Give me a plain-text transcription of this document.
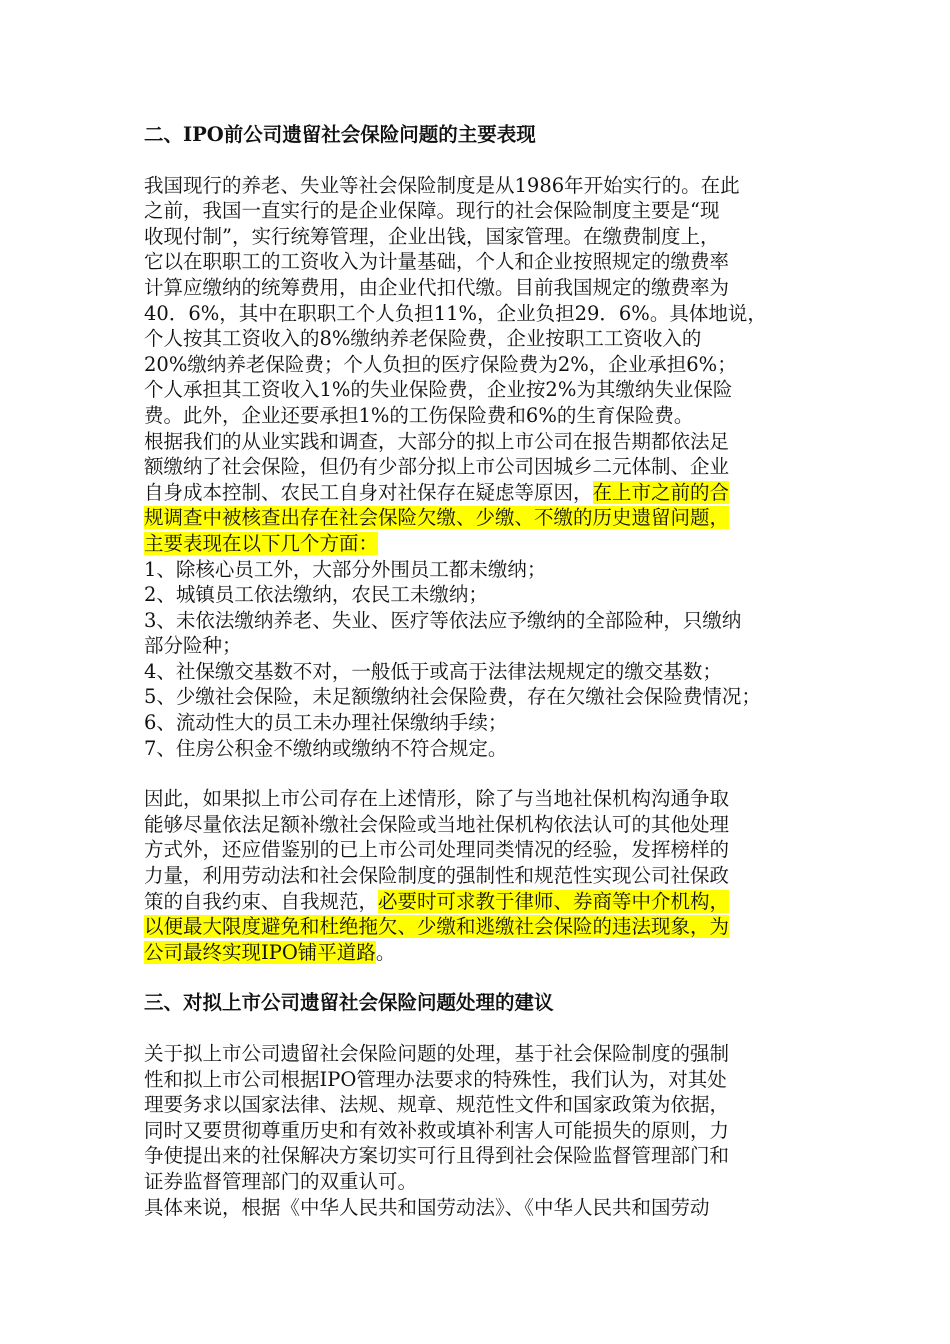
二、IPO前公司遗留社会保险问题的主要表现

我国现行的养老、失业等社会保险制度是从1986年开始实行的。在此

之前，我国一直实行的是企业保障。现行的社会保险制度主要是“现

收现付制”，实行统筹管理，企业出钱，国家管理。在缴费制度上，

它以在职职工的工资收入为计量基础，个人和企业按照规定的缴费率

计算应缴纳的统筹费用，由企业代扣代缴。目前我国规定的缴费率为

40．6%，其中在职职工个人负担11%，企业负担29．6%。具体地说，

个人按其工资收入的8%缴纳养老保险费，企业按职工工资收入的

20%缴纳养老保险费；个人负担的医疗保险费为2%，企业承担6%；

个人承担其工资收入1%的失业保险费，企业按2%为其缴纳失业保险

费。此外，企业还要承担1%的工伤保险费和6%的生育保险费。

根据我们的从业实践和调查，大部分的拟上市公司在报告期都依法足

额缴纳了社会保险，但仍有少部分拟上市公司因城乡二元体制、企业

自身成本控制、农民工自身对社保存在疑虑等原因，在上市之前的合

规调查中被核查出存在社会保险欠缴、少缴、不缴的历史遗留问题，

主要表现在以下几个方面：

1、除核心员工外，大部分外围员工都未缴纳；

2、城镇员工依法缴纳，农民工未缴纳；

3、未依法缴纳养老、失业、医疗等依法应予缴纳的全部险种，只缴纳

部分险种；

4、社保缴交基数不对，一般低于或高于法律法规规定的缴交基数；

5、少缴社会保险，未足额缴纳社会保险费，存在欠缴社会保险费情况；

6、流动性大的员工未办理社保缴纳手续；

7、住房公积金不缴纳或缴纳不符合规定。

因此，如果拟上市公司存在上述情形，除了与当地社保机构沟通争取

能够尽量依法足额补缴社会保险或当地社保机构依法认可的其他处理

方式外，还应借鉴别的已上市公司处理同类情况的经验，发挥榜样的

力量，利用劳动法和社会保险制度的强制性和规范性实现公司社保政

策的自我约束、自我规范，必要时可求教于律师、券商等中介机构，

以便最大限度避免和杜绝拖欠、少缴和逃缴社会保险的违法现象，为

公司最终实现IPO铺平道路。

三、对拟上市公司遗留社会保险问题处理的建议

关于拟上市公司遗留社会保险问题的处理，基于社会保险制度的强制

性和拟上市公司根据IPO管理办法要求的特殊性，我们认为，对其处

理要务求以国家法律、法规、规章、规范性文件和国家政策为依据，

同时又要贯彻尊重历史和有效补救或填补利害人可能损失的原则，力

争使提出来的社保解决方案切实可行且得到社会保险监督管理部门和

证券监督管理部门的双重认可。

具体来说，根据《中华人民共和国劳动法》、《中华人民共和国劳动
